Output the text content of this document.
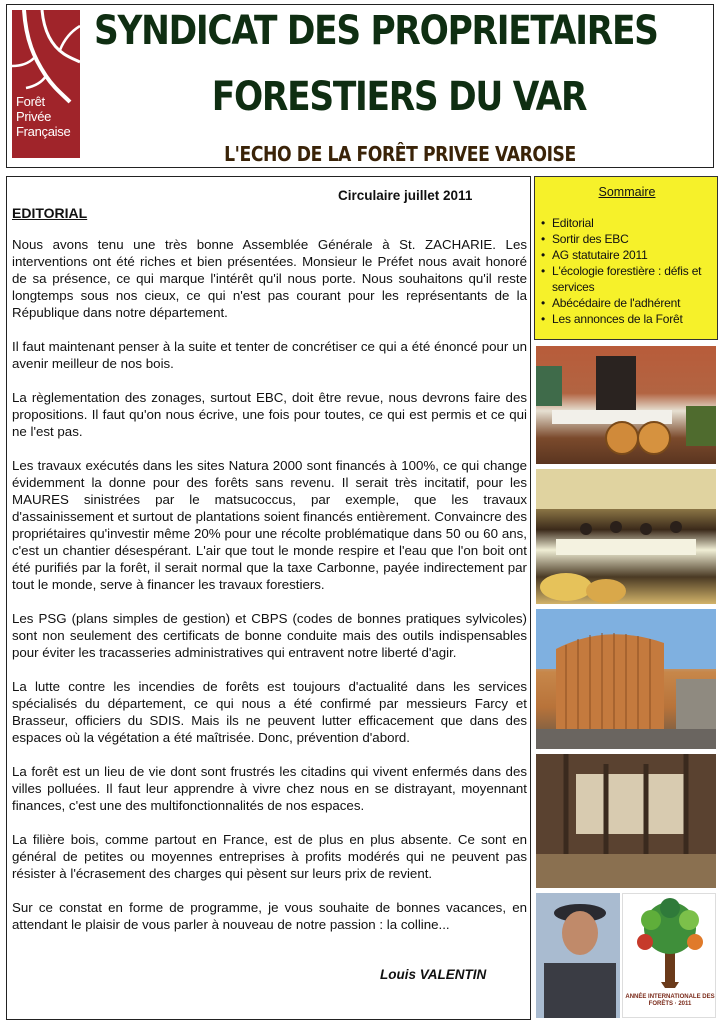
Forêt
Privée
Française
SYNDICAT DES PROPRIETAIRES
FORESTIERS DU VAR
L'ECHO DE LA FORÊT PRIVEE VAROISE
Circulaire juillet 2011
EDITORIAL

Nous avons tenu une très bonne Assemblée Générale à St. ZACHARIE. Les interventions ont été riches et bien présentées. Monsieur le Préfet nous avait honoré de sa présence, ce qui marque l'intérêt qu'il nous porte. Nous souhaitons qu'il reste longtemps sous nos cieux, ce qui n'est pas courant pour les représentants de la République dans notre département.

Il faut maintenant penser à la suite et tenter de concrétiser ce qui a été énoncé pour un avenir meilleur de nos bois.

La règlementation des zonages, surtout EBC, doit être revue, nous devrons faire des propositions. Il faut qu'on nous écrive, une fois pour toutes, ce qui est permis et ce qui ne l'est pas.

Les travaux exécutés dans les sites Natura 2000 sont financés à 100%, ce qui change évidemment la donne pour des forêts sans revenu. Il serait très incitatif, pour les MAURES sinistrées par le matsucoccus, par exemple, que les travaux d'assainissement et surtout de plantations soient financés entièrement. Convaincre des propriétaires qu'investir même 20% pour une récolte problématique dans 50 ou 60 ans, c'est un chantier désespérant. L'air que tout le monde respire et l'eau que l'on boit ont été purifiés par la forêt, il serait normal que la taxe Carbonne, payée indirectement par tout le monde, serve à financer les travaux forestiers.

Les PSG (plans simples de gestion) et CBPS (codes de bonnes pratiques sylvicoles) sont non seulement des certificats de bonne conduite mais des outils indispensables pour éviter les tracasseries administratives qui entravent notre liberté d'agir.

La lutte contre les incendies de forêts est toujours d'actualité dans les services spécialisés du département, ce qui nous a été confirmé par messieurs Farcy et Brasseur, officiers du SDIS. Mais ils ne peuvent lutter efficacement que dans des espaces où la végétation a été maîtrisée. Donc, prévention d'abord.

La forêt est un lieu de vie dont sont frustrés les citadins qui vivent enfermés dans des villes polluées. Il faut leur apprendre à vivre chez nous en se distrayant, moyennant finances, c'est une des multifonctionnalités de nos espaces.

La filière bois, comme partout en France, est de plus en plus absente. Ce sont en général de petites ou moyennes entreprises à profits modérés qui ne peuvent pas résister à l'écrasement des charges qui pèsent sur leurs prix de revient.

Sur ce constat en forme de programme, je vous souhaite de bonnes vacances, en attendant le plaisir de vous parler à nouveau de notre passion : la colline...

Louis VALENTIN
Sommaire
• Editorial
• Sortir des EBC
• AG statutaire 2011
• L'écologie forestière : défis et services
• Abécédaire de l'adhérent
• Les annonces de la Forêt
ANNÉE INTERNATIONALE DES FORÊTS · 2011
